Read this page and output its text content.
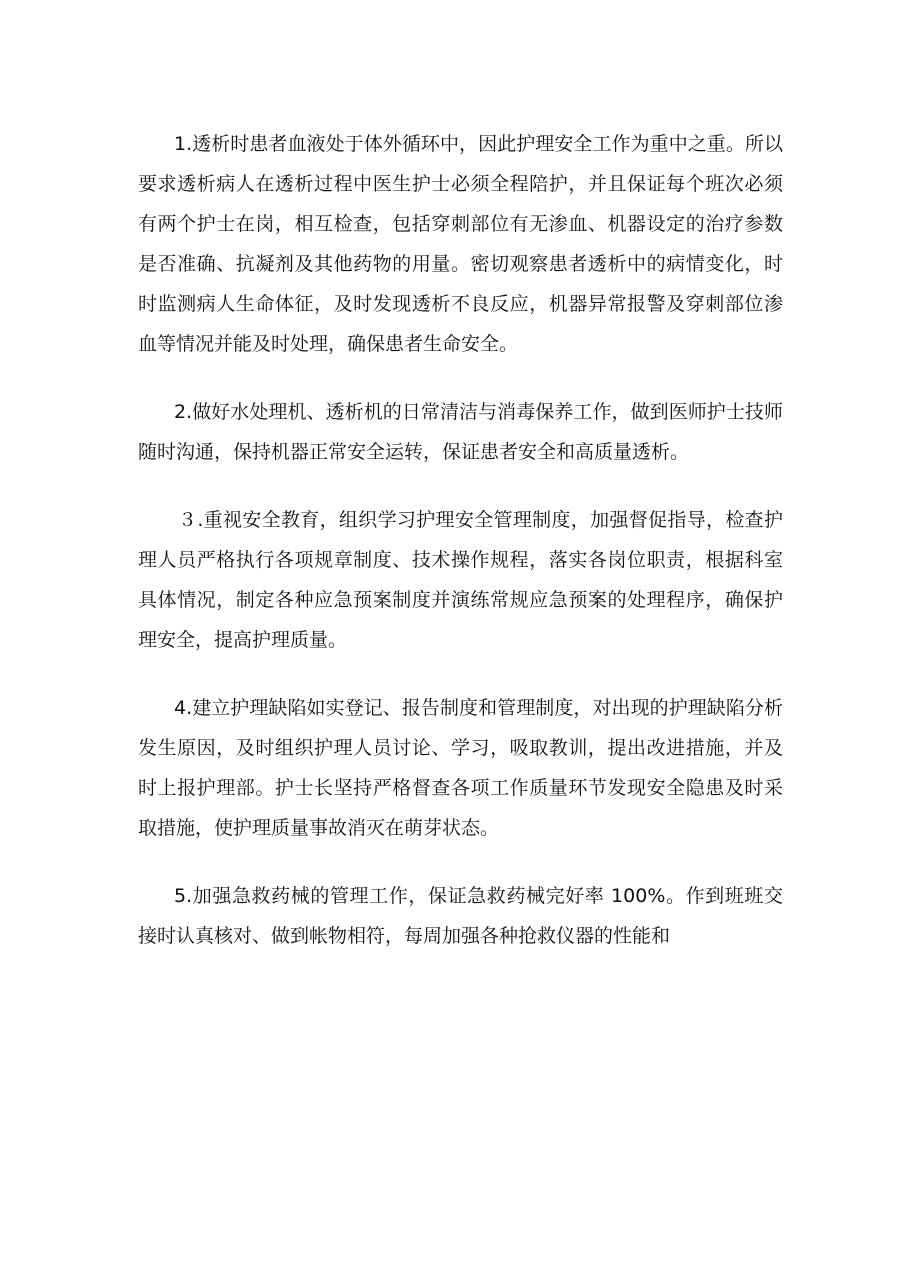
1.透析时患者血液处于体外循环中，因此护理安全工作为重中之重。所以要求透析病人在透析过程中医生护士必须全程陪护，并且保证每个班次必须有两个护士在岗，相互检查，包括穿刺部位有无渗血、机器设定的治疗参数是否准确、抗凝剂及其他药物的用量。密切观察患者透析中的病情变化，时时监测病人生命体征，及时发现透析不良反应，机器异常报警及穿刺部位渗血等情况并能及时处理，确保患者生命安全。

2.做好水处理机、透析机的日常清洁与消毒保养工作，做到医师护士技师随时沟通，保持机器正常安全运转，保证患者安全和高质量透析。

３.重视安全教育，组织学习护理安全管理制度，加强督促指导，检查护理人员严格执行各项规章制度、技术操作规程，落实各岗位职责，根据科室具体情况，制定各种应急预案制度并演练常规应急预案的处理程序，确保护理安全，提高护理质量。

4.建立护理缺陷如实登记、报告制度和管理制度，对出现的护理缺陷分析发生原因，及时组织护理人员讨论、学习，吸取教训，提出改进措施，并及时上报护理部。护士长坚持严格督查各项工作质量环节发现安全隐患及时采取措施，使护理质量事故消灭在萌芽状态。

5.加强急救药械的管理工作，保证急救药械完好率 100%。作到班班交接时认真核对、做到帐物相符，每周加强各种抢救仪器的性能和
